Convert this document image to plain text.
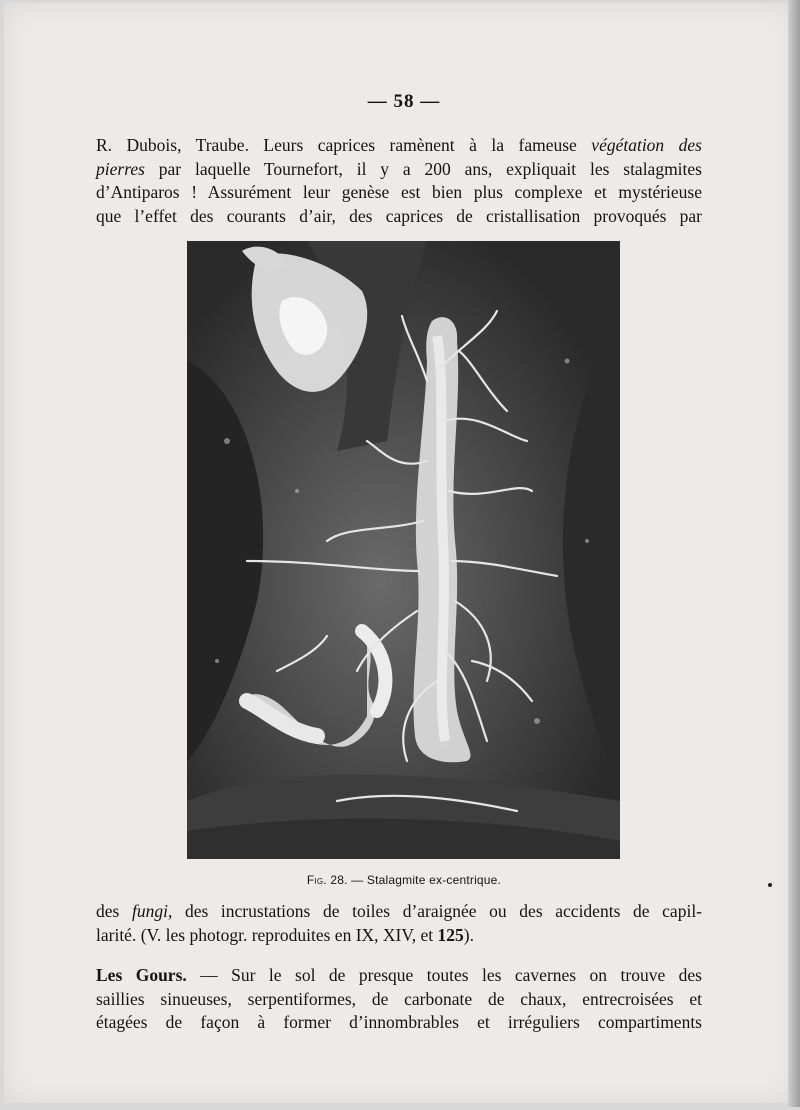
— 58 —
R. Dubois, Traube. Leurs caprices ramènent à la fameuse végétation des
pierres par laquelle Tournefort, il y a 200 ans, expliquait les stalagmites
d’Antiparos ! Assurément leur genèse est bien plus complexe et mystérieuse
que l’effet des courants d’air, des caprices de cristallisation provoqués par
Fig. 28. — Stalagmite ex-centrique.
des fungi, des incrustations de toiles d’araignée ou des accidents de capil-
larité. (V. les photogr. reproduites en IX, XIV, et 125).
Les Gours. — Sur le sol de presque toutes les cavernes on trouve des
saillies sinueuses, serpentiformes, de carbonate de chaux, entrecroisées et
étagées de façon à former d’innombrables et irréguliers compartiments
